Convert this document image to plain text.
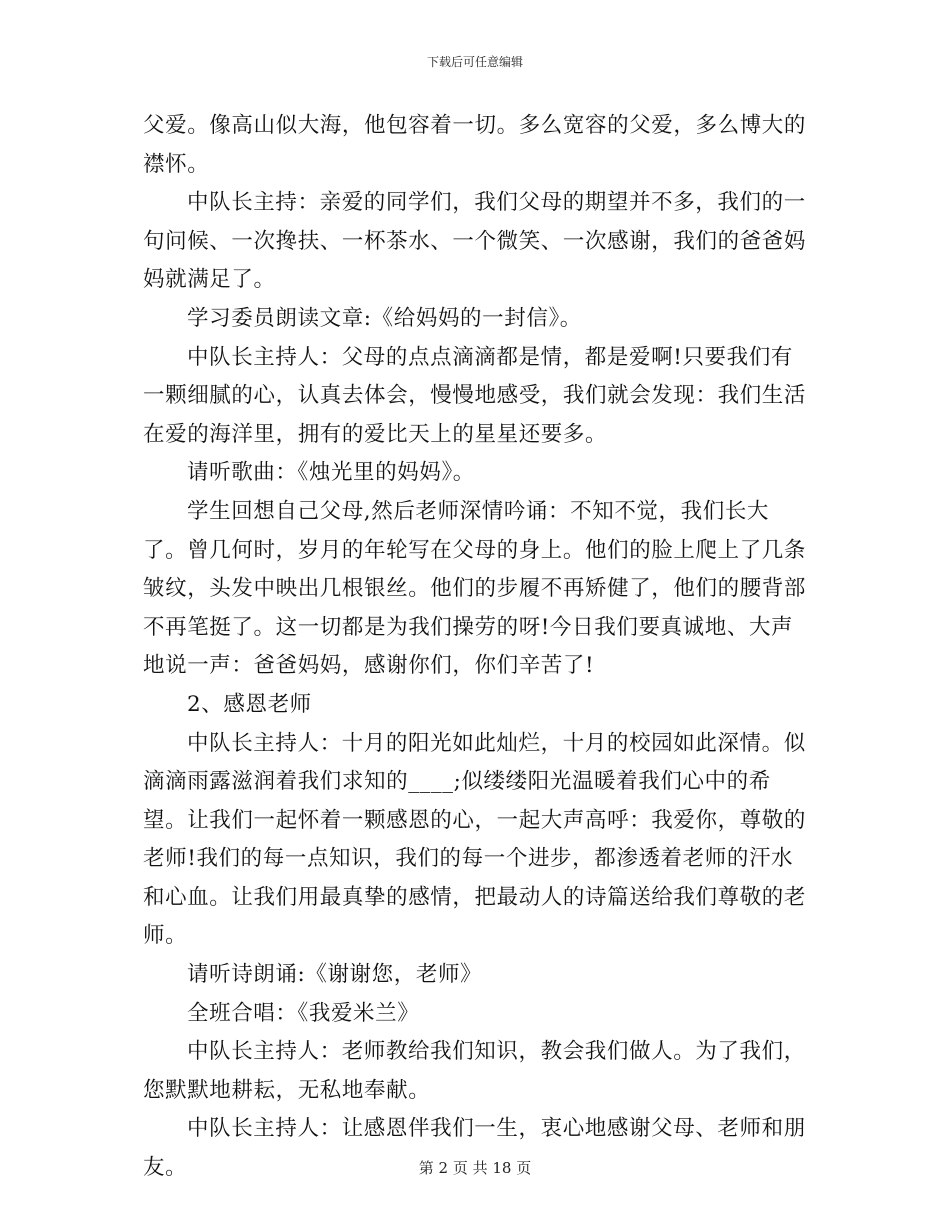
下载后可任意编辑

父爱。像高山似大海，他包容着一切。多么宽容的父爱，多么博大的襟怀。

中队长主持：亲爱的同学们，我们父母的期望并不多，我们的一句问候、一次搀扶、一杯茶水、一个微笑、一次感谢，我们的爸爸妈妈就满足了。

学习委员朗读文章:《给妈妈的一封信》。

中队长主持人：父母的点点滴滴都是情，都是爱啊!只要我们有一颗细腻的心，认真去体会，慢慢地感受，我们就会发现：我们生活在爱的海洋里，拥有的爱比天上的星星还要多。

请听歌曲：《烛光里的妈妈》。

学生回想自己父母,然后老师深情吟诵：不知不觉，我们长大了。曾几何时，岁月的年轮写在父母的身上。他们的脸上爬上了几条皱纹，头发中映出几根银丝。他们的步履不再矫健了，他们的腰背部不再笔挺了。这一切都是为我们操劳的呀!今日我们要真诚地、大声地说一声：爸爸妈妈，感谢你们，你们辛苦了!

2、感恩老师

中队长主持人：十月的阳光如此灿烂，十月的校园如此深情。似滴滴雨露滋润着我们求知的____;似缕缕阳光温暖着我们心中的希望。让我们一起怀着一颗感恩的心，一起大声高呼：我爱你，尊敬的老师!我们的每一点知识，我们的每一个进步，都渗透着老师的汗水和心血。让我们用最真挚的感情，把最动人的诗篇送给我们尊敬的老师。

请听诗朗诵:《谢谢您，老师》

全班合唱：《我爱米兰》

中队长主持人：老师教给我们知识，教会我们做人。为了我们，您默默地耕耘，无私地奉献。

中队长主持人：让感恩伴我们一生，衷心地感谢父母、老师和朋友。	第 2 页 共 18 页
